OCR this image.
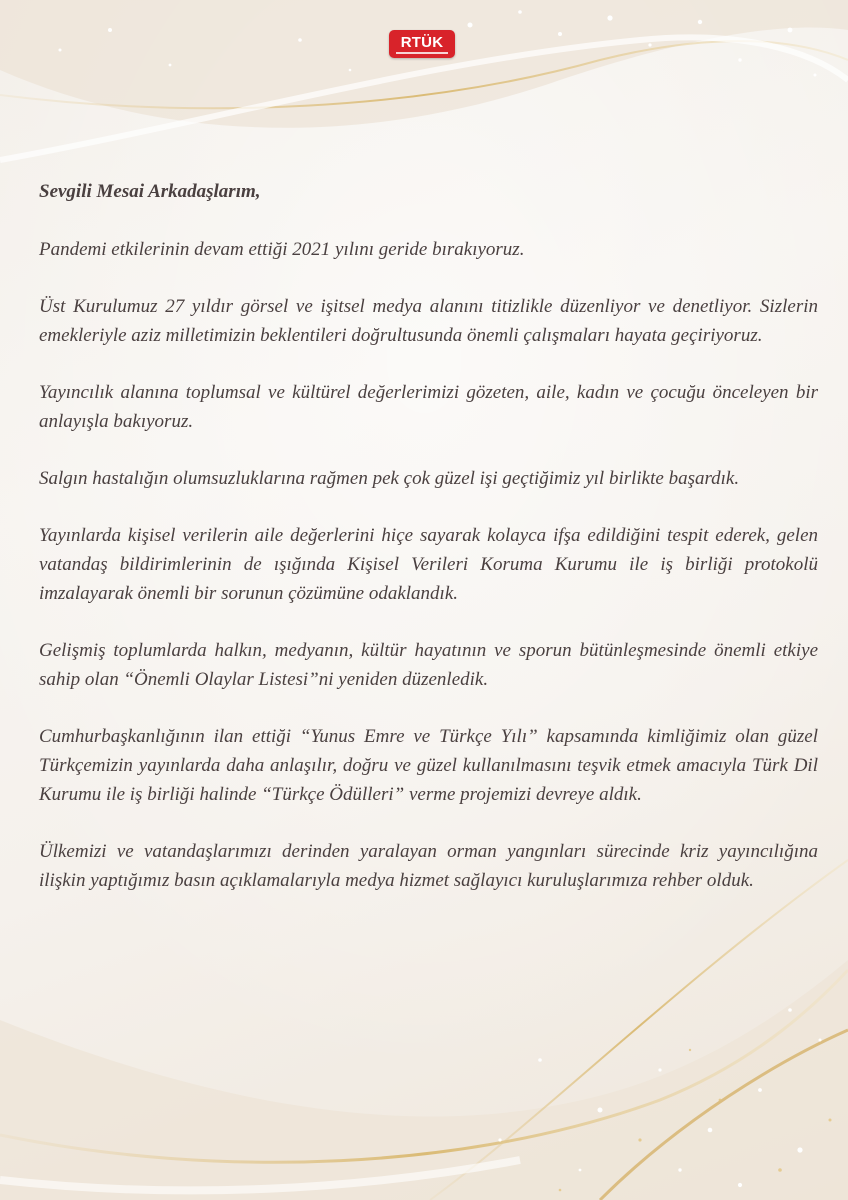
RTÜK

Sevgili Mesai Arkadaşlarım,

Pandemi etkilerinin devam ettiği 2021 yılını geride bırakıyoruz.

Üst Kurulumuz 27 yıldır görsel ve işitsel medya alanını titizlikle düzenliyor ve denetliyor. Sizlerin emekleriyle aziz milletimizin beklentileri doğrultusunda önemli çalışmaları hayata geçiriyoruz.

Yayıncılık alanına toplumsal ve kültürel değerlerimizi gözeten, aile, kadın ve çocuğu önceleyen bir anlayışla bakıyoruz.

Salgın hastalığın olumsuzluklarına rağmen pek çok güzel işi geçtiğimiz yıl birlikte başardık.

Yayınlarda kişisel verilerin aile değerlerini hiçe sayarak kolayca ifşa edildiğini tespit ederek, gelen vatandaş bildirimlerinin de ışığında Kişisel Verileri Koruma Kurumu ile iş birliği protokolü imzalayarak önemli bir sorunun çözümüne odaklandık.

Gelişmiş toplumlarda halkın, medyanın, kültür hayatının ve sporun bütünleşmesinde önemli etkiye sahip olan “Önemli Olaylar Listesi”ni yeniden düzenledik.

Cumhurbaşkanlığının ilan ettiği “Yunus Emre ve Türkçe Yılı” kapsamında kimliğimiz olan güzel Türkçemizin yayınlarda daha anlaşılır, doğru ve güzel kullanılmasını teşvik etmek amacıyla Türk Dil Kurumu ile iş birliği halinde “Türkçe Ödülleri” verme projemizi devreye aldık.

Ülkemizi ve vatandaşlarımızı derinden yaralayan orman yangınları sürecinde kriz yayıncılığına ilişkin yaptığımız basın açıklamalarıyla medya hizmet sağlayıcı kuruluşlarımıza rehber olduk.
